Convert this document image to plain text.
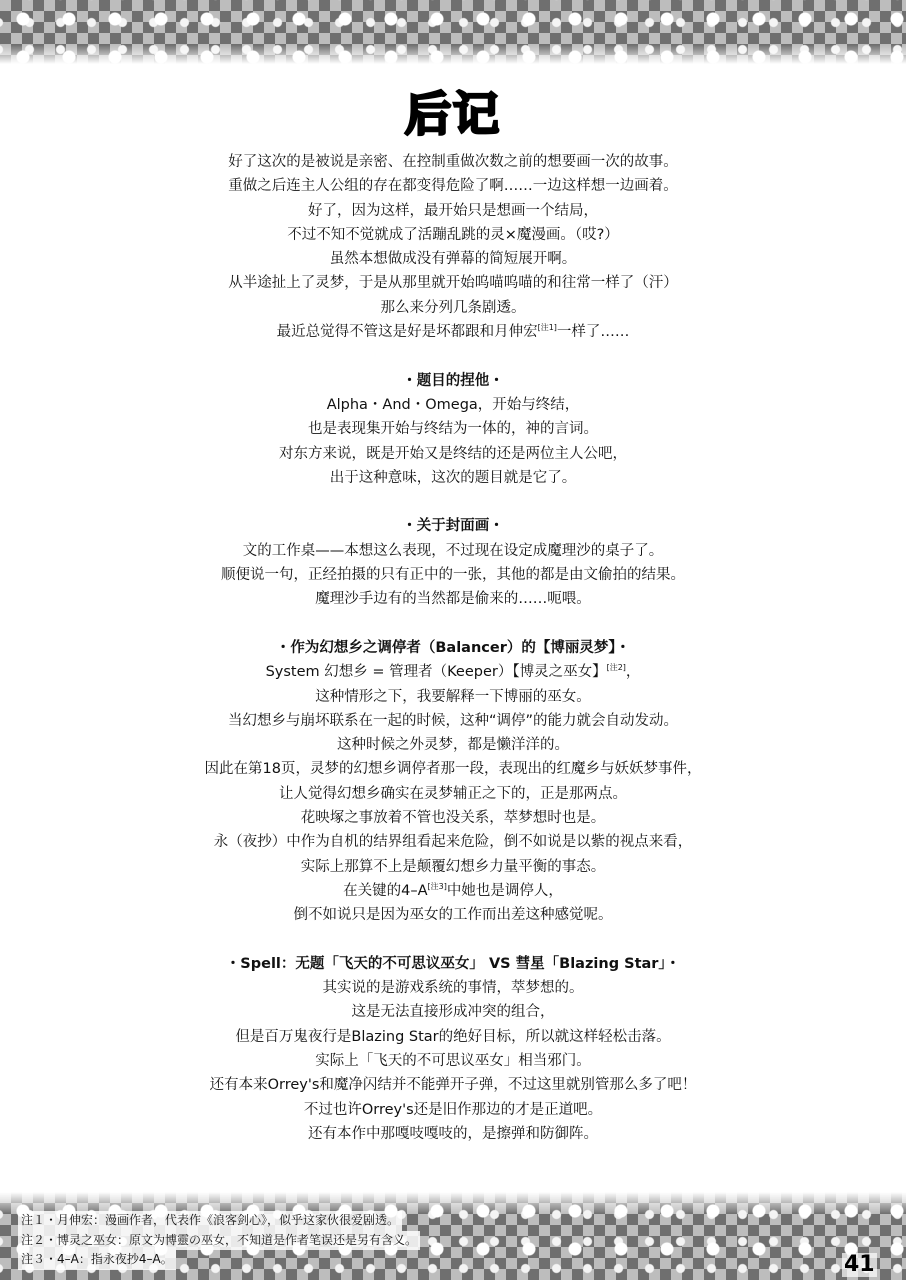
后记
好了这次的是被说是亲密、在控制重做次数之前的想要画一次的故事。
重做之后连主人公组的存在都变得危险了啊……一边这样想一边画着。
好了，因为这样，最开始只是想画一个结局，
不过不知不觉就成了活蹦乱跳的灵×魔漫画。（哎?）
虽然本想做成没有弹幕的简短展开啊。
从半途扯上了灵梦，于是从那里就开始呜喵呜喵的和往常一样了（汗）
那么来分列几条剧透。
最近总觉得不管这是好是坏都跟和月伸宏[注1]一样了……
・题目的捏他・
Alpha・And・Omega，开始与终结，
也是表现集开始与终结为一体的，神的言词。
对东方来说，既是开始又是终结的还是两位主人公吧，
出于这种意味，这次的题目就是它了。
・关于封面画・
文的工作桌——本想这么表现，不过现在设定成魔理沙的桌子了。
顺便说一句，正经拍摄的只有正中的一张，其他的都是由文偷拍的结果。
魔理沙手边有的当然都是偷来的……呃喂。
・作为幻想乡之调停者（Balancer）的【博丽灵梦】・
System 幻想乡 = 管理者（Keeper）【博灵之巫女】[注2]，
这种情形之下，我要解释一下博丽的巫女。
当幻想乡与崩坏联系在一起的时候，这种“调停”的能力就会自动发动。
这种时候之外灵梦，都是懒洋洋的。
因此在第18页，灵梦的幻想乡调停者那一段，表现出的红魔乡与妖妖梦事件，
让人觉得幻想乡确实在灵梦辅正之下的，正是那两点。
花映塚之事放着不管也没关系，萃梦想时也是。
永（夜抄）中作为自机的结界组看起来危险，倒不如说是以紫的视点来看，
实际上那算不上是颠覆幻想乡力量平衡的事态。
在关键的4–A[注3]中她也是调停人，
倒不如说只是因为巫女的工作而出差这种感觉呢。
・Spell：无题「飞天的不可思议巫女」 VS 彗星「Blazing Star」・
其实说的是游戏系统的事情，萃梦想的。
这是无法直接形成冲突的组合，
但是百万鬼夜行是Blazing Star的绝好目标，所以就这样轻松击落。
实际上「飞天的不可思议巫女」相当邪门。
还有本来Orrey's和魔净闪结并不能弹开子弹，不过这里就别管那么多了吧！
不过也许Orrey's还是旧作那边的才是正道吧。
还有本作中那嘎吱嘎吱的，是擦弹和防御阵。
注１・月伸宏：漫画作者，代表作《浪客剑心》，似乎这家伙很爱剧透。
注２・博灵之巫女：原文为博靈の巫女，不知道是作者笔误还是另有含义。
注３・4–A：指永夜抄4–A。	41
